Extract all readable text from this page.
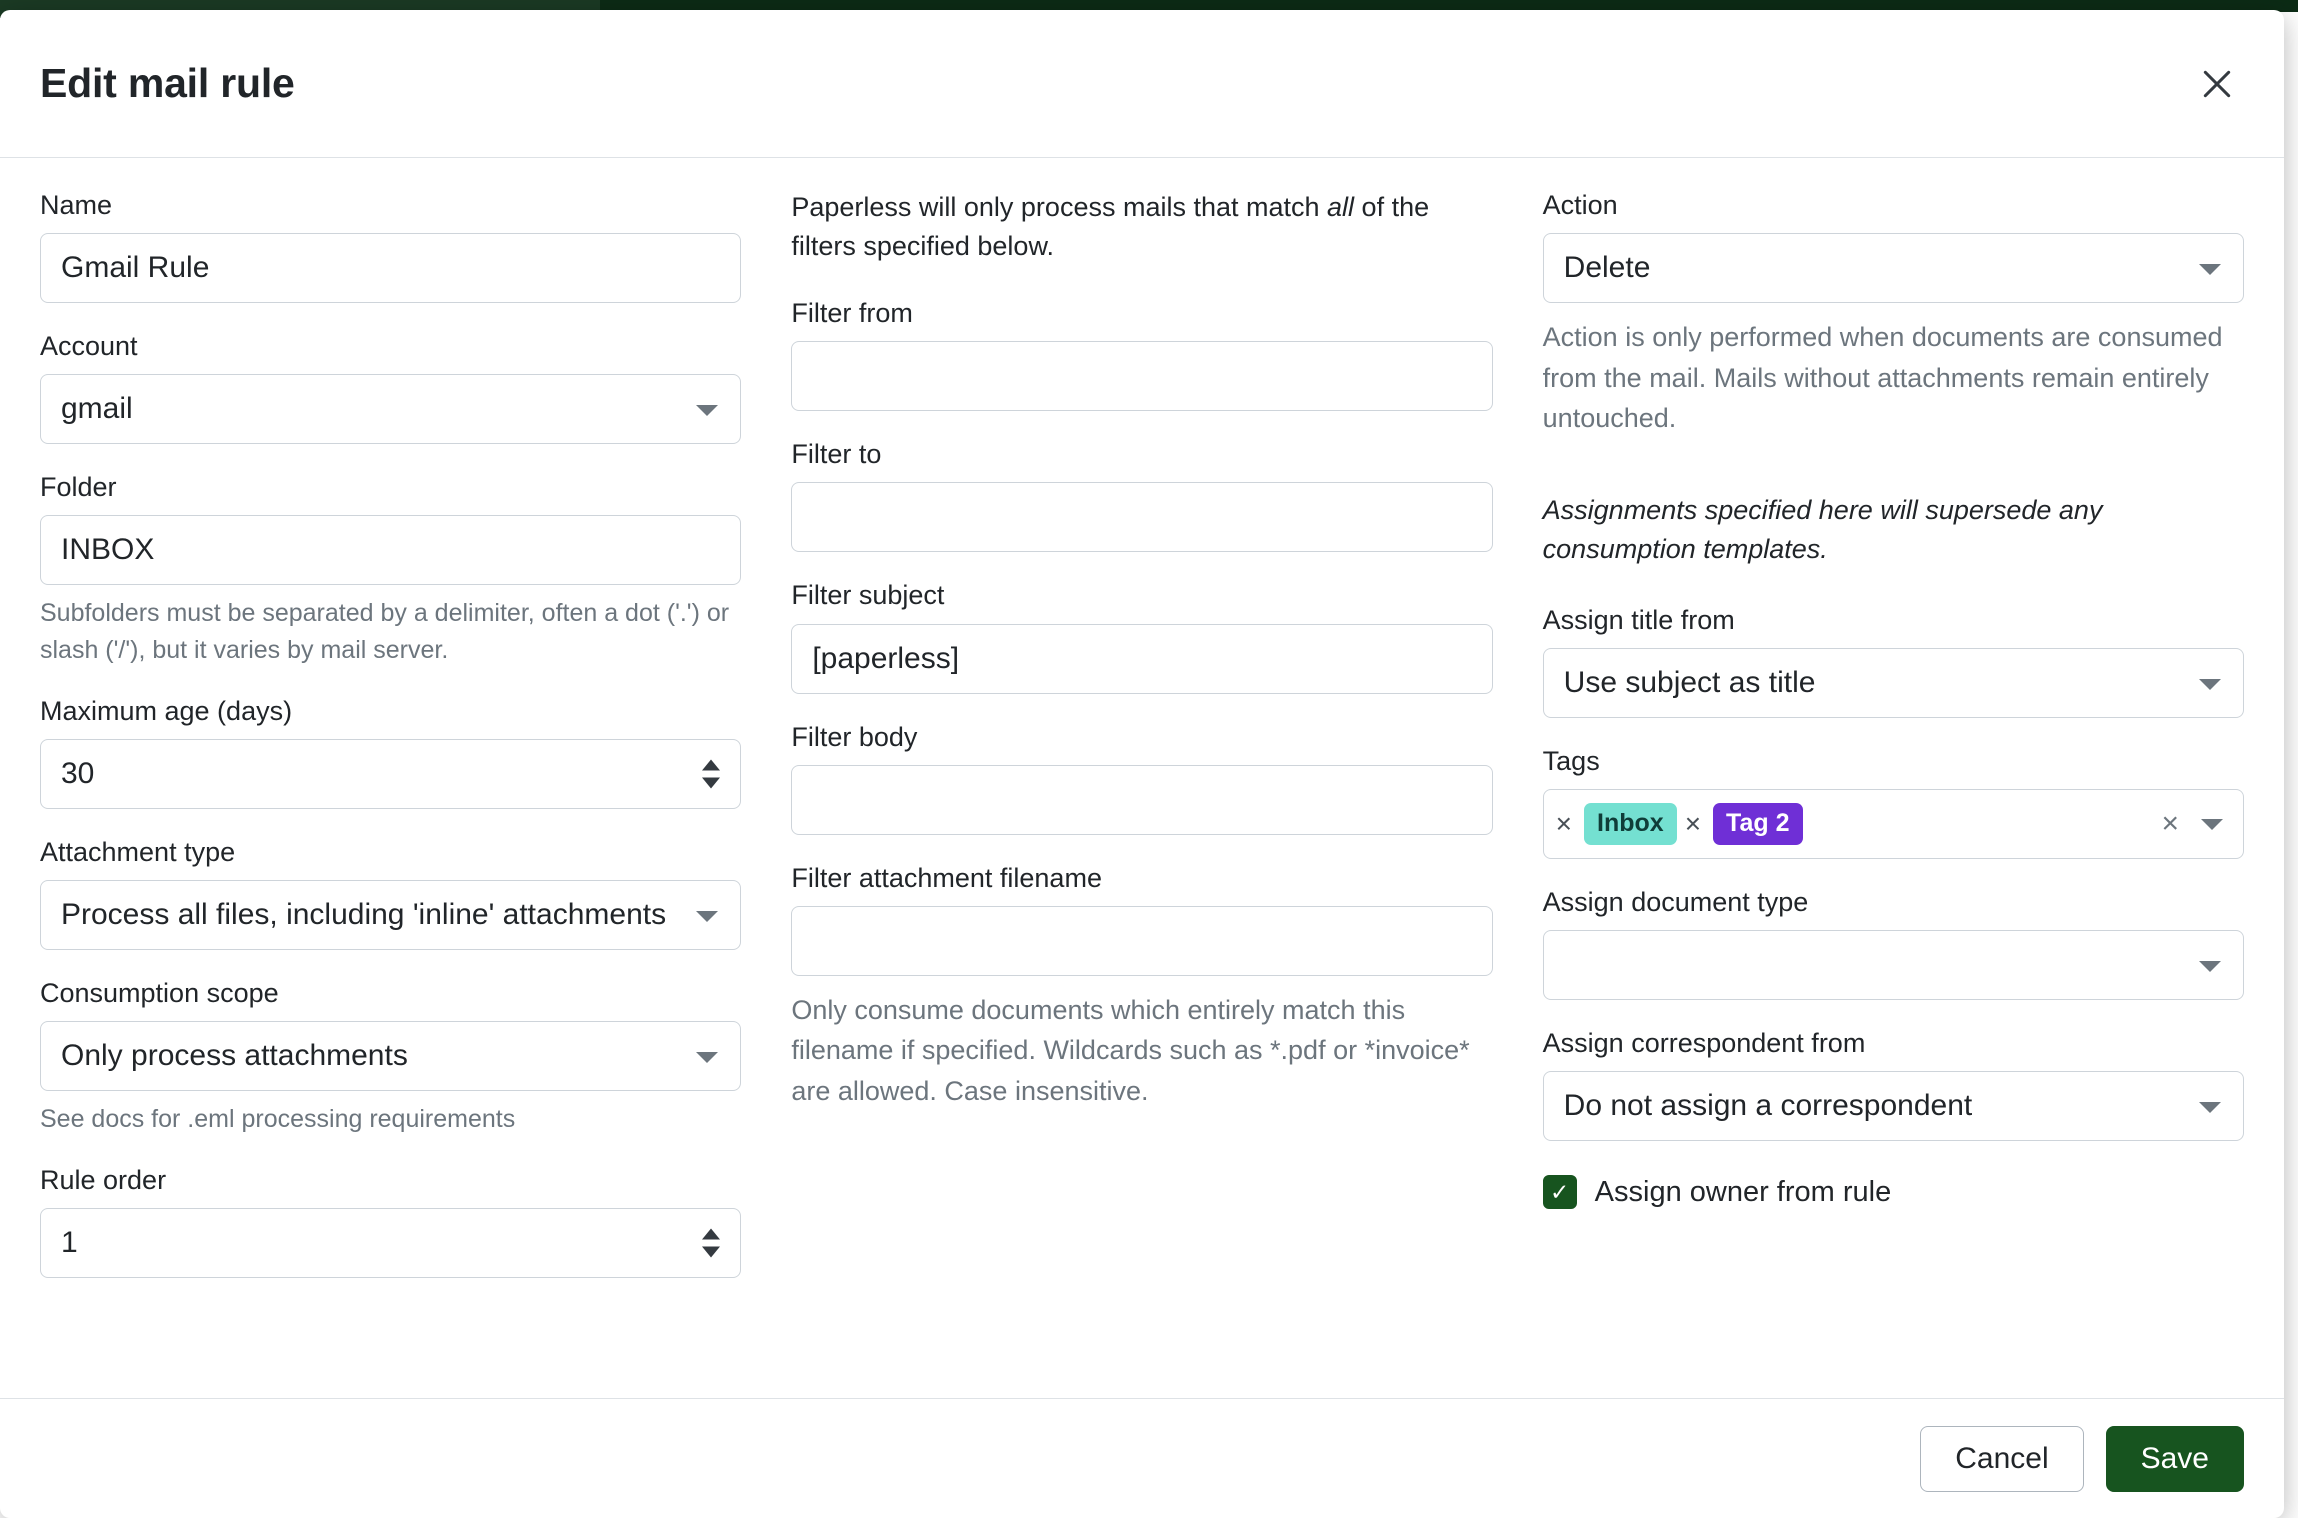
Edit mail rule
Name
Gmail Rule
Account
gmail
Folder
INBOX
Subfolders must be separated by a delimiter, often a dot ('.') or slash ('/'), but it varies by mail server.
Maximum age (days)
30
Attachment type
Process all files, including 'inline' attachments
Consumption scope
Only process attachments
See docs for .eml processing requirements
Rule order
1
Paperless will only process mails that match all of the filters specified below.
Filter from
Filter to
Filter subject
[paperless]
Filter body
Filter attachment filename
Only consume documents which entirely match this filename if specified. Wildcards such as *.pdf or *invoice* are allowed. Case insensitive.
Action
Delete
Action is only performed when documents are consumed from the mail. Mails without attachments remain entirely untouched.
Assignments specified here will supersede any consumption templates.
Assign title from
Use subject as title
Tags
×	Inbox ×	Tag 2	×
Assign document type
Assign correspondent from
Do not assign a correspondent
✓ Assign owner from rule
Cancel	Save
